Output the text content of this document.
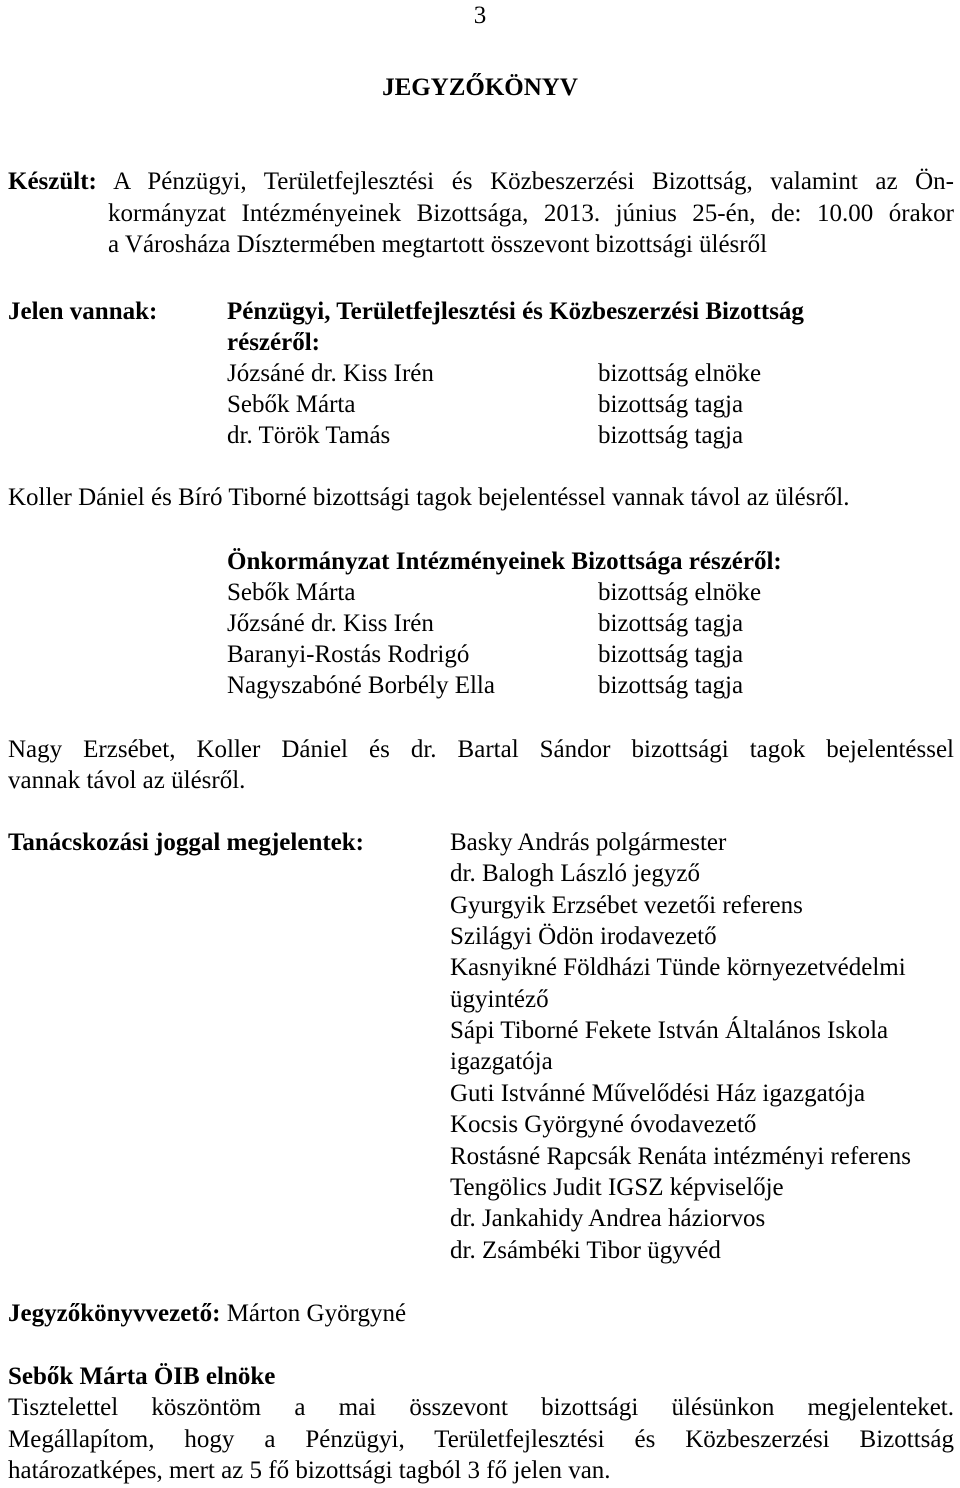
3
JEGYZŐKÖNYV
Készült: A Pénzügyi, Területfejlesztési és Közbeszerzési Bizottság, valamint az Ön-
kormányzat Intézményeinek Bizottsága, 2013. június 25-én, de: 10.00 órakor
a Városháza Dísztermében megtartott összevont bizottsági ülésről
Jelen vannak:	Pénzügyi, Területfejlesztési és Közbeszerzési Bizottság
részéről:
Józsáné dr. Kiss Irén	bizottság elnöke
Sebők Márta	bizottság tagja
dr. Török Tamás	bizottság tagja
Koller Dániel és Bíró Tiborné bizottsági tagok bejelentéssel vannak távol az ülésről.
Önkormányzat Intézményeinek Bizottsága részéről:
Sebők Márta	bizottság elnöke
Jőzsáné dr. Kiss Irén	bizottság tagja
Baranyi-Rostás Rodrigó	bizottság tagja
Nagyszabóné Borbély Ella	bizottság tagja
Nagy Erzsébet, Koller Dániel és dr. Bartal Sándor bizottsági tagok bejelentéssel
vannak távol az ülésről.
Tanácskozási joggal megjelentek:	Basky András polgármester
dr. Balogh László jegyző
Gyurgyik Erzsébet vezetői referens
Szilágyi Ödön irodavezető
Kasnyikné Földházi Tünde környezetvédelmi
ügyintéző
Sápi Tiborné Fekete István Általános Iskola
igazgatója
Guti Istvánné Művelődési Ház igazgatója
Kocsis Györgyné óvodavezető
Rostásné Rapcsák Renáta intézményi referens
Tengölics Judit IGSZ képviselője
dr. Jankahidy Andrea háziorvos
dr. Zsámbéki Tibor ügyvéd
Jegyzőkönyvvezető: Márton Györgyné
Sebők Márta ÖIB elnöke
Tisztelettel köszöntöm a mai összevont bizottsági ülésünkon megjelenteket.
Megállapítom, hogy a Pénzügyi, Területfejlesztési és Közbeszerzési Bizottság
határozatképes, mert az 5 fő bizottsági tagból 3 fő jelen van.
